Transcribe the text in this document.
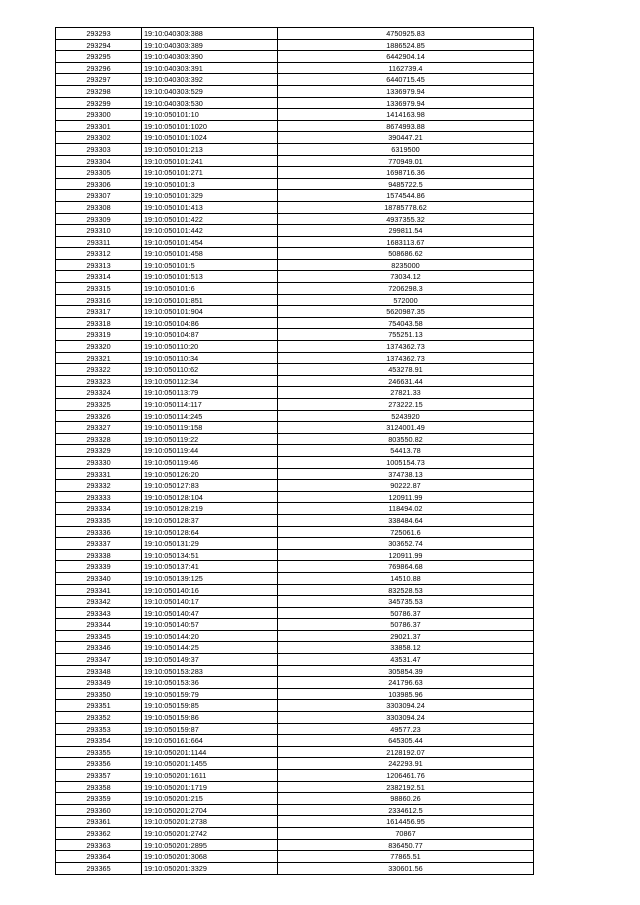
293293	19:10:040303:388	4750925.83
293294	19:10:040303:389	1886524.85
293295	19:10:040303:390	6442904.14
293296	19:10:040303:391	1162739.4
293297	19:10:040303:392	6440715.45
293298	19:10:040303:529	1336979.94
293299	19:10:040303:530	1336979.94
293300	19:10:050101:10	1414163.98
293301	19:10:050101:1020	8674993.88
293302	19:10:050101:1024	390447.21
293303	19:10:050101:213	6319500
293304	19:10:050101:241	770949.01
293305	19:10:050101:271	1698716.36
293306	19:10:050101:3	9485722.5
293307	19:10:050101:329	1574544.86
293308	19:10:050101:413	18785778.62
293309	19:10:050101:422	4937355.32
293310	19:10:050101:442	299811.54
293311	19:10:050101:454	1683113.67
293312	19:10:050101:458	508686.62
293313	19:10:050101:5	8235000
293314	19:10:050101:513	73034.12
293315	19:10:050101:6	7206298.3
293316	19:10:050101:851	572000
293317	19:10:050101:904	5620987.35
293318	19:10:050104:86	754043.58
293319	19:10:050104:87	755251.13
293320	19:10:050110:20	1374362.73
293321	19:10:050110:34	1374362.73
293322	19:10:050110:62	453278.91
293323	19:10:050112:34	246631.44
293324	19:10:050113:79	27821.33
293325	19:10:050114:117	273222.15
293326	19:10:050114:245	5243920
293327	19:10:050119:158	3124001.49
293328	19:10:050119:22	803550.82
293329	19:10:050119:44	54413.78
293330	19:10:050119:46	1005154.73
293331	19:10:050126:20	374738.13
293332	19:10:050127:83	90222.87
293333	19:10:050128:104	120911.99
293334	19:10:050128:219	118494.02
293335	19:10:050128:37	338484.64
293336	19:10:050128:64	725061.6
293337	19:10:050131:29	303652.74
293338	19:10:050134:51	120911.99
293339	19:10:050137:41	769864.68
293340	19:10:050139:125	14510.88
293341	19:10:050140:16	832528.53
293342	19:10:050140:17	345735.53
293343	19:10:050140:47	50786.37
293344	19:10:050140:57	50786.37
293345	19:10:050144:20	29021.37
293346	19:10:050144:25	33858.12
293347	19:10:050149:37	43531.47
293348	19:10:050153:283	305854.39
293349	19:10:050153:36	241796.63
293350	19:10:050159:79	103985.96
293351	19:10:050159:85	3303094.24
293352	19:10:050159:86	3303094.24
293353	19:10:050159:87	49577.23
293354	19:10:050161:664	645305.44
293355	19:10:050201:1144	2128192.07
293356	19:10:050201:1455	242293.91
293357	19:10:050201:1611	1206461.76
293358	19:10:050201:1719	2382192.51
293359	19:10:050201:215	98860.26
293360	19:10:050201:2704	2334612.5
293361	19:10:050201:2738	1614456.95
293362	19:10:050201:2742	70867
293363	19:10:050201:2895	836450.77
293364	19:10:050201:3068	77865.51
293365	19:10:050201:3329	330601.56
